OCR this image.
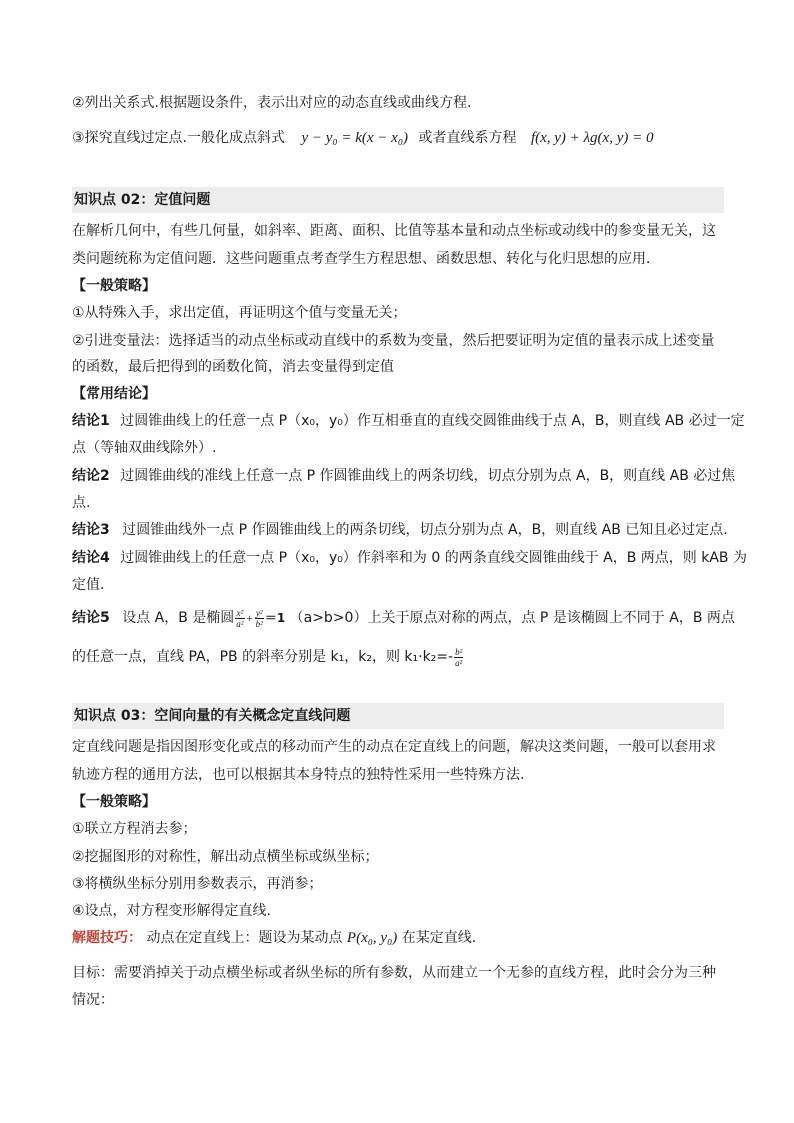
②列出关系式.根据题设条件，表示出对应的动态直线或曲线方程.
③探究直线过定点.一般化成点斜式 y − y₀ = k(x − x₀) 或者直线系方程 f(x, y) + λg(x, y) = 0
知识点 02：定值问题
在解析几何中，有些几何量，如斜率、距离、面积、比值等基本量和动点坐标或动线中的参变量无关，这
类问题统称为定值问题．这些问题重点考查学生方程思想、函数思想、转化与化归思想的应用．
【一般策略】
①从特殊入手，求出定值，再证明这个值与变量无关；
②引进变量法：选择适当的动点坐标或动直线中的系数为变量，然后把要证明为定值的量表示成上述变量
的函数，最后把得到的函数化简，消去变量得到定值
【常用结论】
结论1 过圆锥曲线上的任意一点 P（x₀，y₀）作互相垂直的直线交圆锥曲线于点 A，B，则直线 AB 必过一定
点（等轴双曲线除外）.
结论2 过圆锥曲线的准线上任意一点 P 作圆锥曲线上的两条切线，切点分别为点 A，B，则直线 AB 必过焦
点.
结论3 过圆锥曲线外一点 P 作圆锥曲线上的两条切线，切点分别为点 A，B，则直线 AB 已知且必过定点.
结论4 过圆锥曲线上的任意一点 P（x₀，y₀）作斜率和为 0 的两条直线交圆锥曲线于 A，B 两点，则 kAB 为
定值.
结论5 设点 A，B 是椭圆 $\frac{\text{x²}}{\text{a²}} + \frac{\text{y²}}{\text{b²}} =1$ （a>b>0）上关于原点对称的两点，点 P 是该椭圆上不同于 A，B 两点
的任意一点，直线 PA，PB 的斜率分别是 k₁，k₂，则 $k_1\cdot k_2=- \frac{\text{b²}}{\text{a²}}$
知识点 03：空间向量的有关概念定直线问题
定直线问题是指因图形变化或点的移动而产生的动点在定直线上的问题，解决这类问题，一般可以套用求
轨迹方程的通用方法，也可以根据其本身特点的独特性采用一些特殊方法.
【一般策略】
①联立方程消去参；
②挖掘图形的对称性，解出动点横坐标或纵坐标；
③将横纵坐标分别用参数表示，再消参；
④设点，对方程变形解得定直线.
解题技巧： 动点在定直线上：题设为某动点 P(x₀, y₀) 在某定直线．
目标：需要消掉关于动点横坐标或者纵坐标的所有参数，从而建立一个无参的直线方程，此时会分为三种
情况：
